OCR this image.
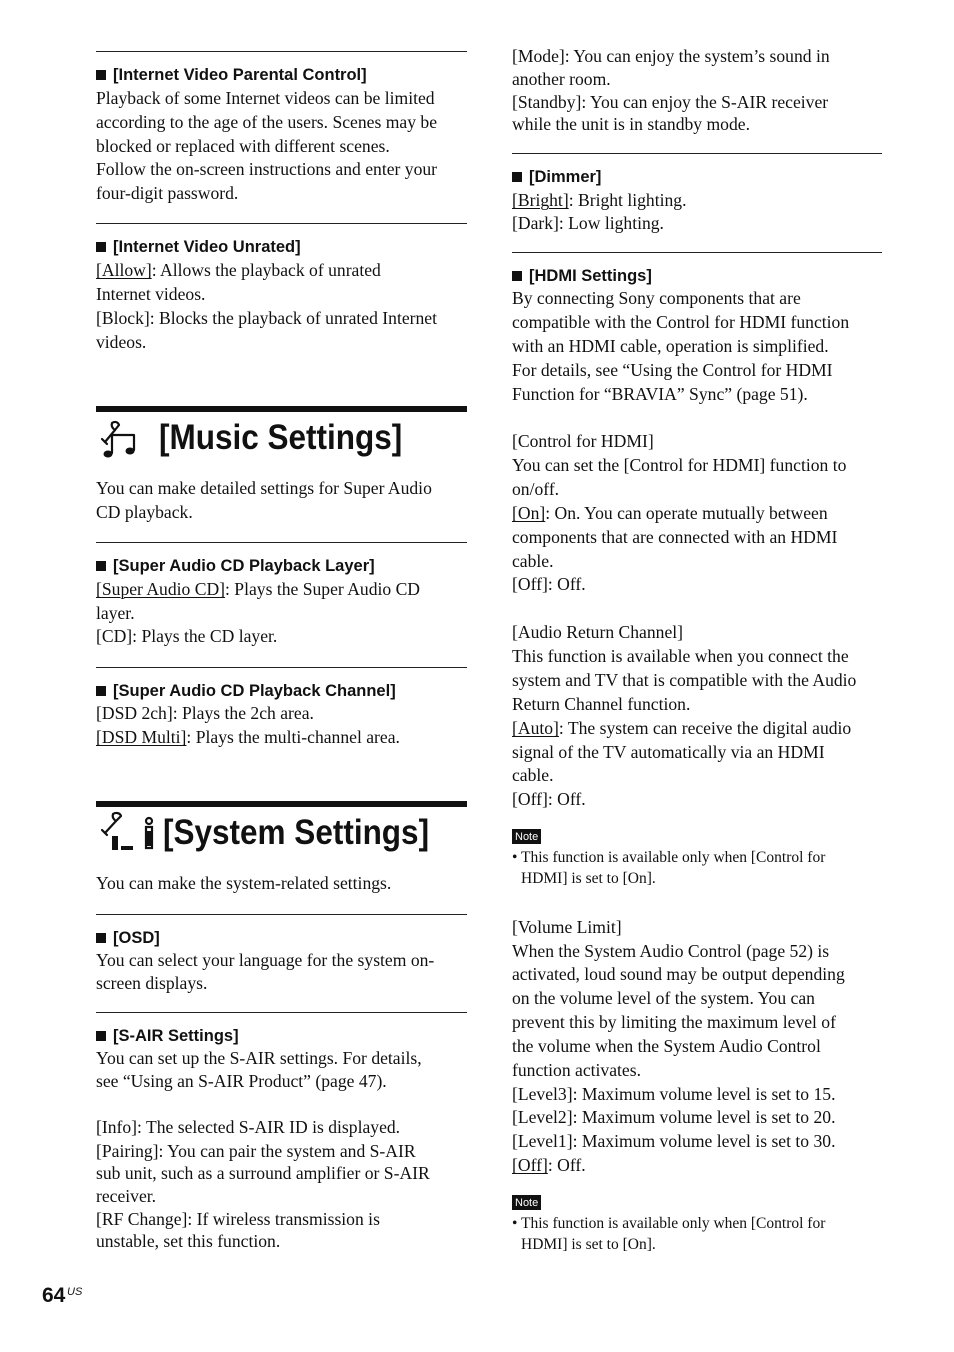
[Internet Video Parental Control]
Playback of some Internet videos can be limited
according to the age of the users. Scenes may be
blocked or replaced with different scenes.
Follow the on-screen instructions and enter your
four-digit password.
[Internet Video Unrated]
[Allow]: Allows the playback of unrated
Internet videos.
[Block]: Blocks the playback of unrated Internet
videos.
[Music Settings]
You can make detailed settings for Super Audio
CD playback.
[Super Audio CD Playback Layer]
[Super Audio CD]: Plays the Super Audio CD
layer.
[CD]: Plays the CD layer.
[Super Audio CD Playback Channel]
[DSD 2ch]: Plays the 2ch area.
[DSD Multi]: Plays the multi-channel area.
[System Settings]
You can make the system-related settings.
[OSD]
You can select your language for the system on-
screen displays.
[S-AIR Settings]
You can set up the S-AIR settings. For details,
see “Using an S-AIR Product” (page 47).
[Info]: The selected S-AIR ID is displayed.
[Pairing]: You can pair the system and S-AIR
sub unit, such as a surround amplifier or S-AIR
receiver.
[RF Change]: If wireless transmission is
unstable, set this function.
[Mode]: You can enjoy the system’s sound in
another room.
[Standby]: You can enjoy the S-AIR receiver
while the unit is in standby mode.
[Dimmer]
[Bright]: Bright lighting.
[Dark]: Low lighting.
[HDMI Settings]
By connecting Sony components that are
compatible with the Control for HDMI function
with an HDMI cable, operation is simplified.
For details, see “Using the Control for HDMI
Function for “BRAVIA” Sync” (page 51).
[Control for HDMI]
You can set the [Control for HDMI] function to
on/off.
[On]: On. You can operate mutually between
components that are connected with an HDMI
cable.
[Off]: Off.
[Audio Return Channel]
This function is available when you connect the
system and TV that is compatible with the Audio
Return Channel function.
[Auto]: The system can receive the digital audio
signal of the TV automatically via an HDMI
cable.
[Off]: Off.
Note
• This function is available only when [Control for
HDMI] is set to [On].
[Volume Limit]
When the System Audio Control (page 52) is
activated, loud sound may be output depending
on the volume level of the system. You can
prevent this by limiting the maximum level of
the volume when the System Audio Control
function activates.
[Level3]: Maximum volume level is set to 15.
[Level2]: Maximum volume level is set to 20.
[Level1]: Maximum volume level is set to 30.
[Off]: Off.
Note
• This function is available only when [Control for
HDMI] is set to [On].
64 US
